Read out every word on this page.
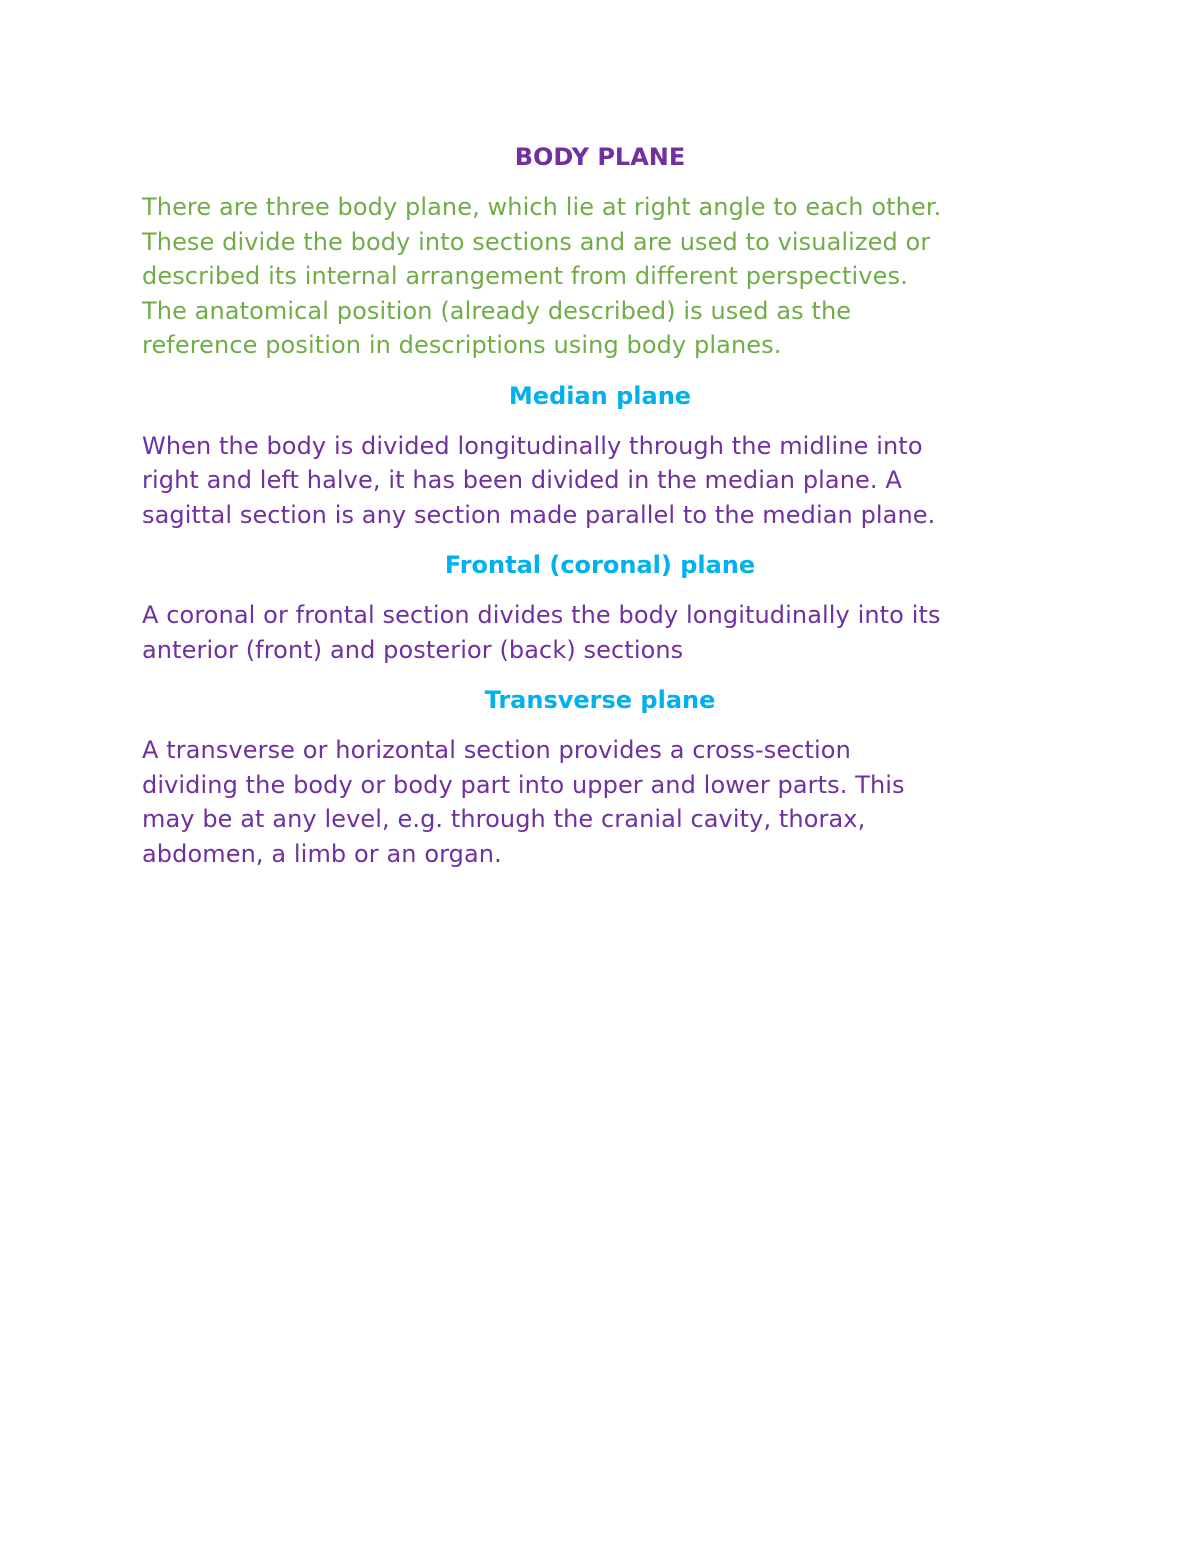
BODY PLANE

There are three body plane, which lie at right angle to each other.
These divide the body into sections and are used to visualized or
described its internal arrangement from different perspectives.
The anatomical position (already described) is used as the
reference position in descriptions using body planes.

Median plane

When the body is divided longitudinally through the midline into
right and left halve, it has been divided in the median plane. A
sagittal section is any section made parallel to the median plane.

Frontal (coronal) plane

A coronal or frontal section divides the body longitudinally into its
anterior (front) and posterior (back) sections

Transverse plane

A transverse or horizontal section provides a cross-section
dividing the body or body part into upper and lower parts. This
may be at any level, e.g. through the cranial cavity, thorax,
abdomen, a limb or an organ.
